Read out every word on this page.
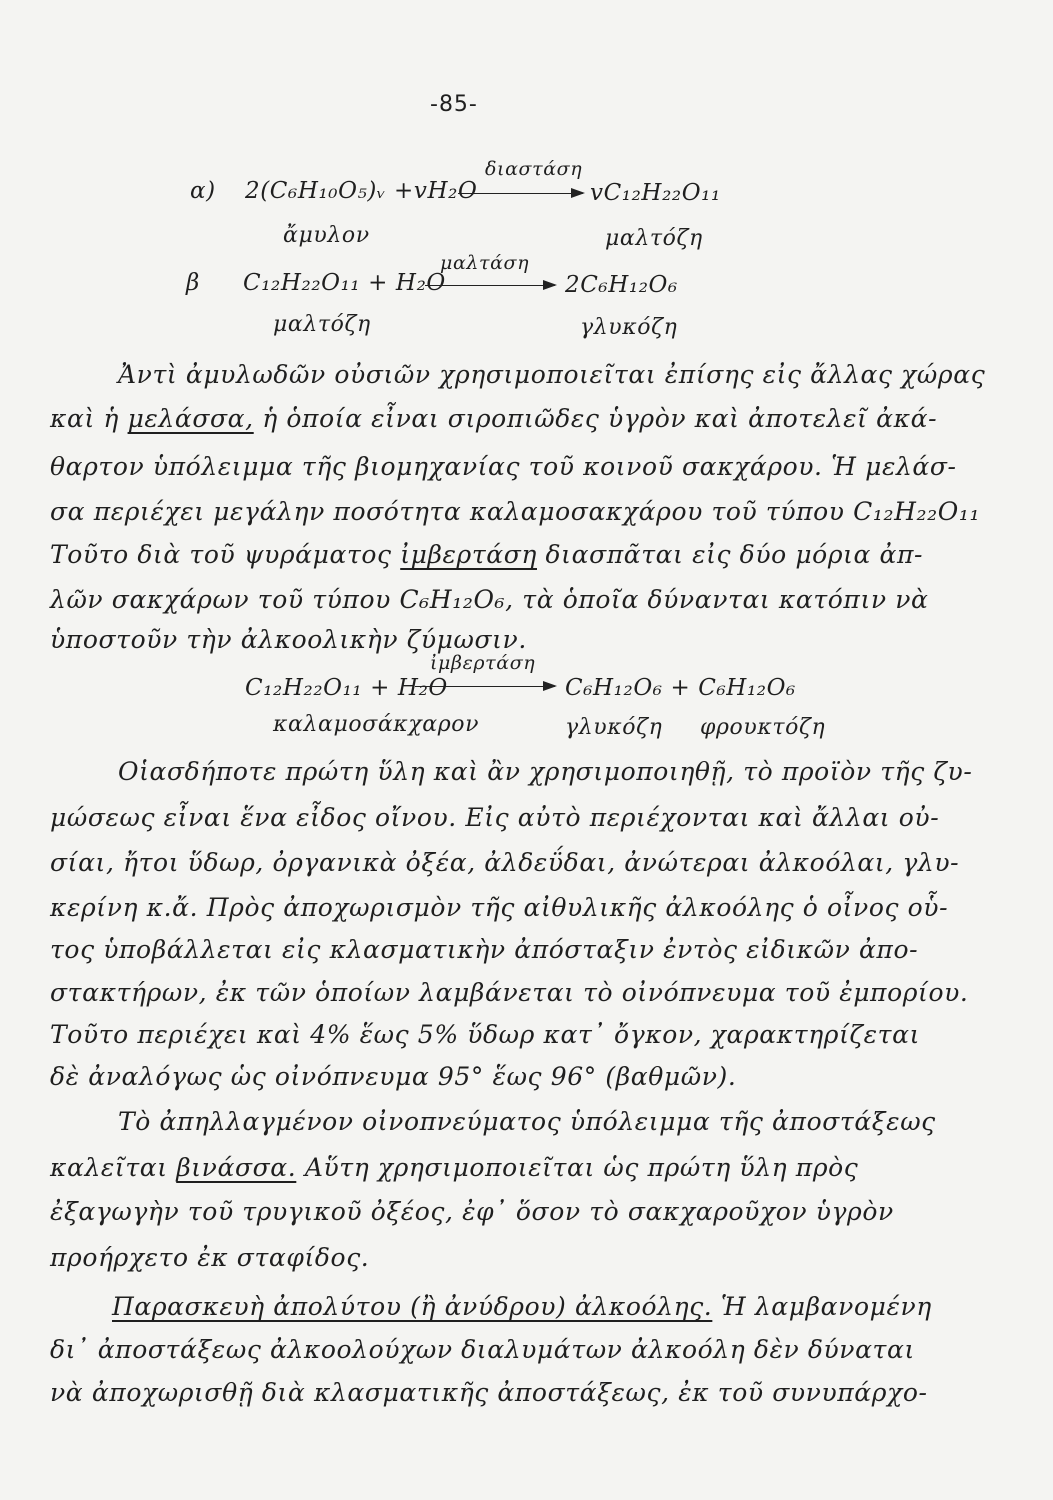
-85-
α) 2(C₆H₁₀O₅)ᵥ +vH₂O
διαστάση
vC₁₂H₂₂O₁₁
ἄμυλον	μαλτόζη
β C₁₂H₂₂O₁₁ + H₂O
μαλτάση
2C₆H₁₂O₆
μαλτόζη	γλυκόζη
Ἀντὶ ἀμυλωδῶν οὐσιῶν χρησιμοποιεῖται ἐπίσης εἰς ἄλλας χώρας
καὶ ἡ μελάσσα, ἡ ὁποία εἶναι σιροπιῶδες ὑγρὸν καὶ ἀποτελεῖ ἀκά-
θαρτον ὑπόλειμμα τῆς βιομηχανίας τοῦ κοινοῦ σακχάρου. Ἡ μελάσ-
σα περιέχει μεγάλην ποσότητα καλαμοσακχάρου τοῦ τύπου C₁₂H₂₂O₁₁
Τοῦτο διὰ τοῦ ψυράματος ἰμβερτάση διασπᾶται εἰς δύο μόρια ἀπ-
λῶν σακχάρων τοῦ τύπου C₆H₁₂O₆, τὰ ὁποῖα δύνανται κατόπιν νὰ
ὑποστοῦν τὴν ἀλκοολικὴν ζύμωσιν.
C₁₂H₂₂O₁₁ + H₂O
ἰμβερτάση
C₆H₁₂O₆ + C₆H₁₂O₆
καλαμοσάκχαρον	γλυκόζη φρουκτόζη
Οἱασδήποτε πρώτη ὕλη καὶ ἂν χρησιμοποιηθῇ, τὸ προϊὸν τῆς ζυ-
μώσεως εἶναι ἕνα εἶδος οἴνου. Εἰς αὐτὸ περιέχονται καὶ ἄλλαι οὐ-
σίαι, ἤτοι ὕδωρ, ὀργανικὰ ὀξέα, ἀλδεΰδαι, ἀνώτεραι ἀλκοόλαι, γλυ-
κερίνη κ.ἄ. Πρὸς ἀποχωρισμὸν τῆς αἰθυλικῆς ἀλκοόλης ὁ οἶνος οὗ-
τος ὑποβάλλεται εἰς κλασματικὴν ἀπόσταξιν ἐντὸς εἰδικῶν ἀπο-
στακτήρων, ἐκ τῶν ὁποίων λαμβάνεται τὸ οἰνόπνευμα τοῦ ἐμπορίου.
Τοῦτο περιέχει καὶ 4% ἕως 5% ὕδωρ κατ᾽ ὄγκον, χαρακτηρίζεται
δὲ ἀναλόγως ὡς οἰνόπνευμα 95° ἕως 96° (βαθμῶν).
Τὸ ἀπηλλαγμένον οἰνοπνεύματος ὑπόλειμμα τῆς ἀποστάξεως
καλεῖται βινάσσα. Αὕτη χρησιμοποιεῖται ὡς πρώτη ὕλη πρὸς
ἐξαγωγὴν τοῦ τρυγικοῦ ὀξέος, ἐφ᾽ ὅσον τὸ σακχαροῦχον ὑγρὸν
προήρχετο ἐκ σταφίδος.
Παρασκευὴ ἀπολύτου (ἢ ἀνύδρου) ἀλκοόλης. Ἡ λαμβανομένη
δι᾽ ἀποστάξεως ἀλκοολούχων διαλυμάτων ἀλκοόλη δὲν δύναται
νὰ ἀποχωρισθῇ διὰ κλασματικῆς ἀποστάξεως, ἐκ τοῦ συνυπάρχο-
